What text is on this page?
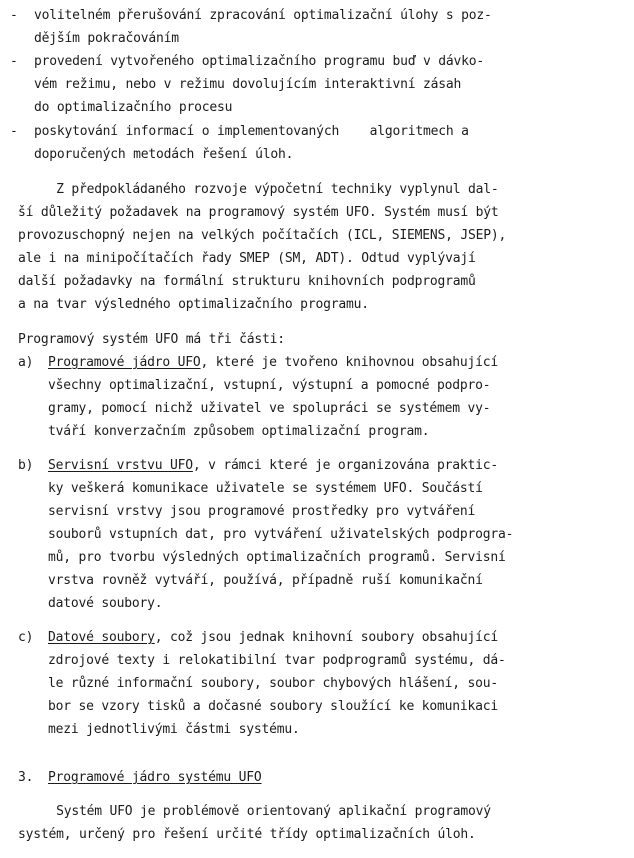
- volitelném přerušování zpracování optimalizační úlohy s poz-
dějším pokračováním
- provedení vytvořeného optimalizačního programu buď v dávko-
vém režimu, nebo v režimu dovolujícím interaktivní zásah
do optimalizačního procesu
- poskytování informací o implementovaných    algoritmech a
doporučených metodách řešení úloh.
Z předpokládaného rozvoje výpočetní techniky vyplynul dal-
ší důležitý požadavek na programový systém UFO. Systém musí být
provozuschopný nejen na velkých počítačích (ICL, SIEMENS, JSEP),
ale i na minipočítačích řady SMEP (SM, ADT). Odtud vyplývají
další požadavky na formální strukturu knihovních podprogramů
a na tvar výsledného optimalizačního programu.
Programový systém UFO má tři části:
a) Programové jádro UFO, které je tvořeno knihovnou obsahující
všechny optimalizační, vstupní, výstupní a pomocné podpro-
gramy, pomocí nichž uživatel ve spolupráci se systémem vy-
tváří konverzačním způsobem optimalizační program.
b) Servisní vrstvu UFO, v rámci které je organizována praktic-
ky veškerá komunikace uživatele se systémem UFO. Součástí
servisní vrstvy jsou programové prostředky pro vytváření
souborů vstupních dat, pro vytváření uživatelských podprogra-
mů, pro tvorbu výsledných optimalizačních programů. Servisní
vrstva rovněž vytváří, používá, případně ruší komunikační
datové soubory.
c) Datové soubory, což jsou jednak knihovní soubory obsahující
zdrojové texty i relokatibilní tvar podprogramů systému, dá-
le různé informační soubory, soubor chybových hlášení, sou-
bor se vzory tisků a dočasné soubory sloužící ke komunikaci
mezi jednotlivými částmi systému.
3. Programové jádro systému UFO
Systém UFO je problémově orientovaný aplikační programový
systém, určený pro řešení určité třídy optimalizačních úloh.
